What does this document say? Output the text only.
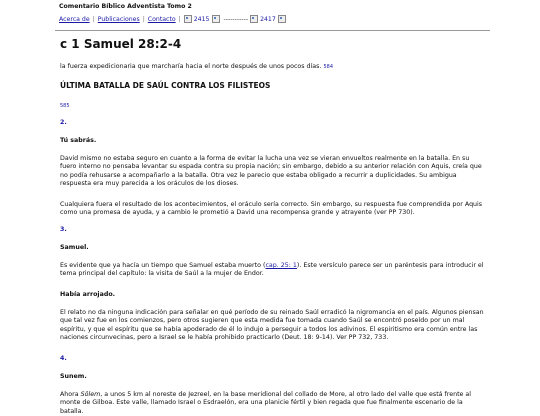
Comentario Bíblico Adventista Tomo 2
Acerca de | Publicaciones | Contacto | 2415 ----------- 2417
c 1 Samuel 28:2-4

la fuerza expedicionaria que marcharía hacia el norte después de unos pocos días. 584

ÚLTIMA BATALLA DE SAÚL CONTRA LOS FILISTEOS
585
2.
Tú sabrás.

David mismo no estaba seguro en cuanto a la forma de evitar la lucha una vez se vieran envueltos realmente en la batalla. En su fuero interno no pensaba levantar su espada contra su propia nación; sin embargo, debido a su anterior relación con Aquis, creía que no podía rehusarse a acompañarlo a la batalla. Otra vez le parecio que estaba obligado a recurrir a duplicidades. Su ambigua respuesta era muy parecida a los oráculos de los dioses.

Cualquiera fuera el resultado de los acontecimientos, el oráculo sería correcto. Sin embargo, su respuesta fue comprendida por Aquis como una promesa de ayuda, y a cambio le prometió a David una recompensa grande y atrayente (ver PP 730).

3.
Samuel.

Es evidente que ya hacía un tiempo que Samuel estaba muerto (cap. 25: 1). Este versículo parece ser un paréntesis para introducir el tema principal del capítulo: la visita de Saúl a la mujer de Endor.

Había arrojado.

El relato no da ninguna indicación para señalar en qué período de su reinado Saúl erradicó la nigromancia en el país. Algunos piensan que tal vez fue en los comienzos, pero otros sugieren que esta medida fue tomada cuando Saúl se encontró poseído por un mal espíritu, y que el espíritu que se había apoderado de él lo indujo a perseguir a todos los adivinos. El espiritismo era común entre las naciones circunvecinas, pero a Israel se le había prohibido practicarlo (Deut. 18: 9-14). Ver PP 732, 733.

4.
Sunem.

Ahora Sôlem, a unos 5 km al noreste de Jezreel, en la base meridional del collado de More, al otro lado del valle que está frente al monte de Gilboa. Este valle, llamado Israel o Esdraelón, era una planicie fértil y bien regada que fue finalmente escenario de la batalla.
